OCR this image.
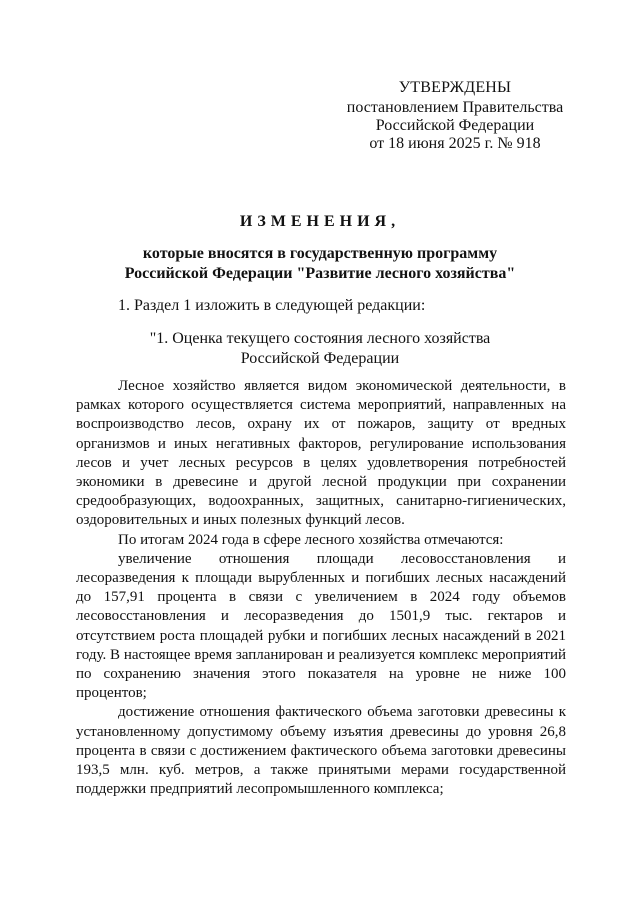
УТВЕРЖДЕНЫ
постановлением Правительства
Российской Федерации
от 18 июня 2025 г. № 918
ИЗМЕНЕНИЯ,
которые вносятся в государственную программу
Российской Федерации "Развитие лесного хозяйства"
1. Раздел 1 изложить в следующей редакции:
"1. Оценка текущего состояния лесного хозяйства
Российской Федерации

Лесное хозяйство является видом экономической деятельности, в рамках которого осуществляется система мероприятий, направленных на воспроизводство лесов, охрану их от пожаров, защиту от вредных организмов и иных негативных факторов, регулирование использования лесов и учет лесных ресурсов в целях удовлетворения потребностей экономики в древесине и другой лесной продукции при сохранении средообразующих, водоохранных, защитных, санитарно-гигиенических, оздоровительных и иных полезных функций лесов.

По итогам 2024 года в сфере лесного хозяйства отмечаются:

увеличение отношения площади лесовосстановления и лесоразведения к площади вырубленных и погибших лесных насаждений до 157,91 процента в связи с увеличением в 2024 году объемов лесовосстановления и лесоразведения до 1501,9 тыс. гектаров и отсутствием роста площадей рубки и погибших лесных насаждений в 2021 году. В настоящее время запланирован и реализуется комплекс мероприятий по сохранению значения этого показателя на уровне не ниже 100 процентов;

достижение отношения фактического объема заготовки древесины к установленному допустимому объему изъятия древесины до уровня 26,8 процента в связи с достижением фактического объема заготовки древесины 193,5 млн. куб. метров, а также принятыми мерами государственной поддержки предприятий лесопромышленного комплекса;
